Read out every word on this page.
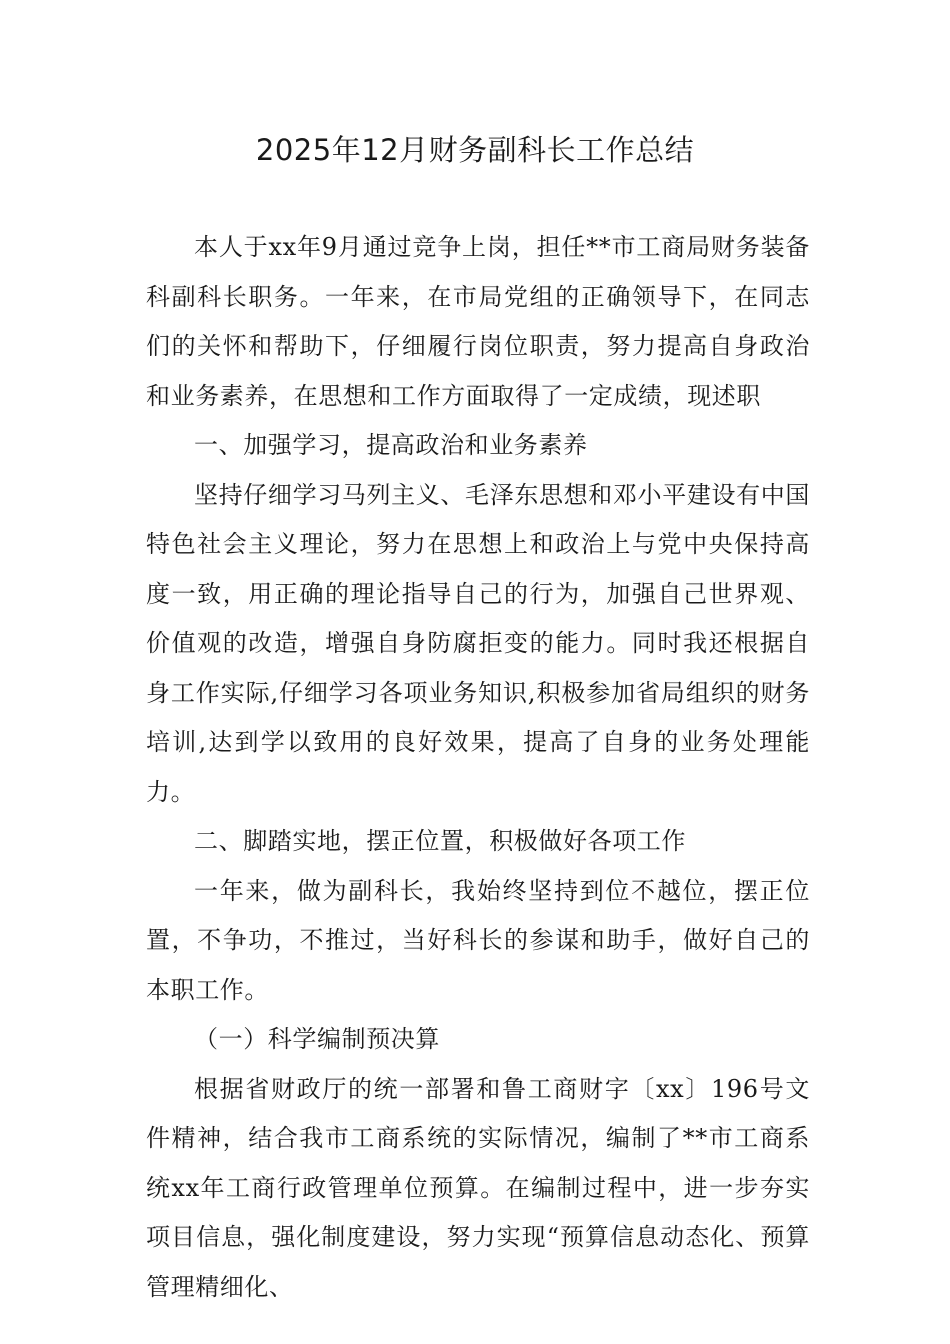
2025年12月财务副科长工作总结

本人于xx年9月通过竞争上岗，担任**市工商局财务装备科副科长职务。一年来，在市局党组的正确领导下，在同志们的关怀和帮助下，仔细履行岗位职责，努力提高自身政治和业务素养，在思想和工作方面取得了一定成绩，现述职

一、加强学习，提高政治和业务素养

坚持仔细学习马列主义、毛泽东思想和邓小平建设有中国特色社会主义理论，努力在思想上和政治上与党中央保持高度一致，用正确的理论指导自己的行为，加强自己世界观、价值观的改造，增强自身防腐拒变的能力。同时我还根据自身工作实际,仔细学习各项业务知识,积极参加省局组织的财务培训,达到学以致用的良好效果，提高了自身的业务处理能力。

二、脚踏实地，摆正位置，积极做好各项工作

一年来，做为副科长，我始终坚持到位不越位，摆正位置，不争功，不推过，当好科长的参谋和助手，做好自己的本职工作。

（一）科学编制预决算

根据省财政厅的统一部署和鲁工商财字〔xx〕196号文件精神，结合我市工商系统的实际情况，编制了**市工商系统xx年工商行政管理单位预算。在编制过程中，进一步夯实项目信息，强化制度建设，努力实现“预算信息动态化、预算管理精细化、
